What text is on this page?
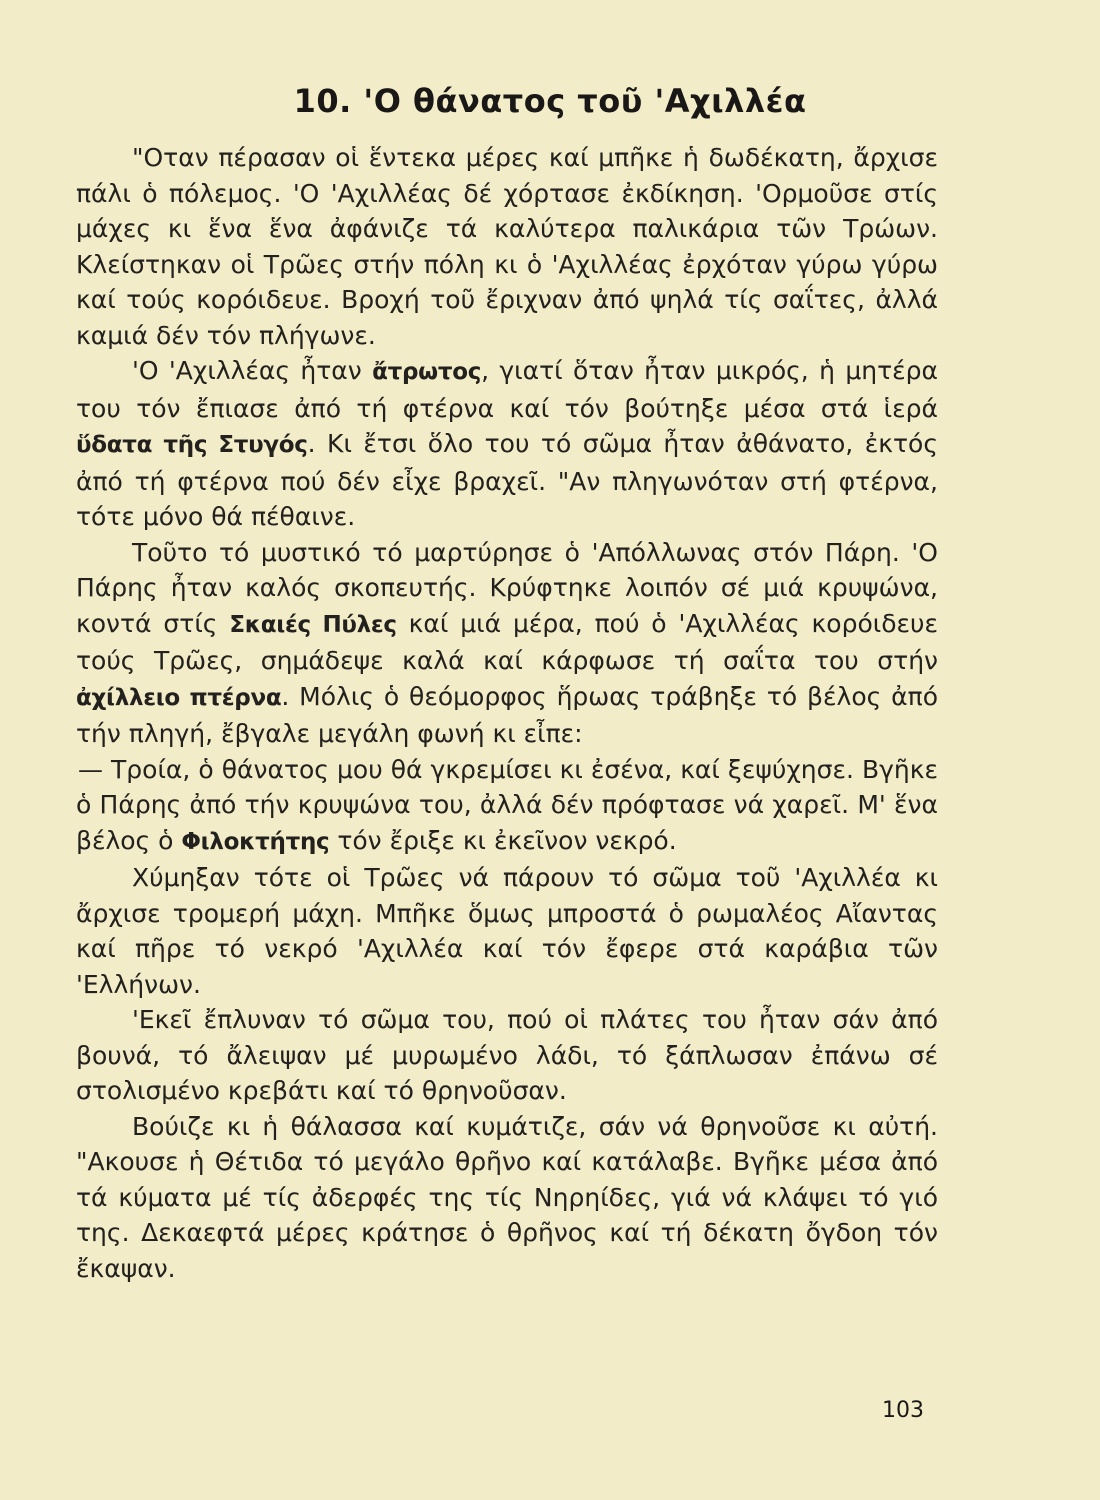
10. 'Ο θάνατος τοῦ 'Αχιλλέα

"Οταν πέρασαν οἱ ἕντεκα μέρες καί μπῆκε ἡ δωδέκατη, ἄρχισε πάλι ὁ πόλεμος. 'Ο 'Αχιλλέας δέ χόρτασε ἐκδίκηση. 'Ορμοῦσε στίς μάχες κι ἕνα ἕνα ἀφάνιζε τά καλύτερα παλικάρια τῶν Τρώων. Κλείστηκαν οἱ Τρῶες στήν πόλη κι ὁ 'Αχιλλέας ἐρχόταν γύρω γύρω καί τούς κορόιδευε. Βροχή τοῦ ἔριχναν ἀπό ψηλά τίς σαΐτες, ἀλλά καμιά δέν τόν πλήγωνε.

'Ο 'Αχιλλέας ἦταν ἄτρωτος, γιατί ὅταν ἦταν μικρός, ἡ μητέρα του τόν ἔπιασε ἀπό τή φτέρνα καί τόν βούτηξε μέσα στά ἱερά ὕδατα τῆς Στυγός. Κι ἔτσι ὅλο του τό σῶμα ἦταν ἀθάνατο, ἐκτός ἀπό τή φτέρνα πού δέν εἶχε βραχεῖ. "Αν πληγωνόταν στή φτέρνα, τότε μόνο θά πέθαινε.

Τοῦτο τό μυστικό τό μαρτύρησε ὁ 'Απόλλωνας στόν Πάρη. 'Ο Πάρης ἦταν καλός σκοπευτής. Κρύφτηκε λοιπόν σέ μιά κρυψώνα, κοντά στίς Σκαιές Πύλες καί μιά μέρα, πού ὁ 'Αχιλλέας κορόιδευε τούς Τρῶες, σημάδεψε καλά καί κάρφωσε τή σαΐτα του στήν ἀχίλλειο πτέρνα. Μόλις ὁ θεόμορφος ἥρωας τράβηξε τό βέλος ἀπό τήν πληγή, ἔβγαλε μεγάλη φωνή κι εἶπε:

— Τροία, ὁ θάνατος μου θά γκρεμίσει κι ἐσένα, καί ξεψύχησε. Βγῆκε ὁ Πάρης ἀπό τήν κρυψώνα του, ἀλλά δέν πρόφτασε νά χαρεῖ. Μ' ἕνα βέλος ὁ Φιλοκτήτης τόν ἔριξε κι ἐκεῖνον νεκρό.

Χύμηξαν τότε οἱ Τρῶες νά πάρουν τό σῶμα τοῦ 'Αχιλλέα κι ἄρχισε τρομερή μάχη. Μπῆκε ὅμως μπροστά ὁ ρωμαλέος Αἴαντας καί πῆρε τό νεκρό 'Αχιλλέα καί τόν ἔφερε στά καράβια τῶν 'Ελλήνων.

'Εκεῖ ἔπλυναν τό σῶμα του, πού οἱ πλάτες του ἦταν σάν ἀπό βουνά, τό ἄλειψαν μέ μυρωμένο λάδι, τό ξάπλωσαν ἐπάνω σέ στολισμένο κρεβάτι καί τό θρηνοῦσαν.

Βούιζε κι ἡ θάλασσα καί κυμάτιζε, σάν νά θρηνοῦσε κι αὐτή. "Ακουσε ἡ Θέτιδα τό μεγάλο θρῆνο καί κατάλαβε. Βγῆκε μέσα ἀπό τά κύματα μέ τίς ἀδερφές της τίς Νηρηίδες, γιά νά κλάψει τό γιό της. Δεκαεφτά μέρες κράτησε ὁ θρῆνος καί τή δέκατη ὄγδοη τόν ἔκαψαν.

103
